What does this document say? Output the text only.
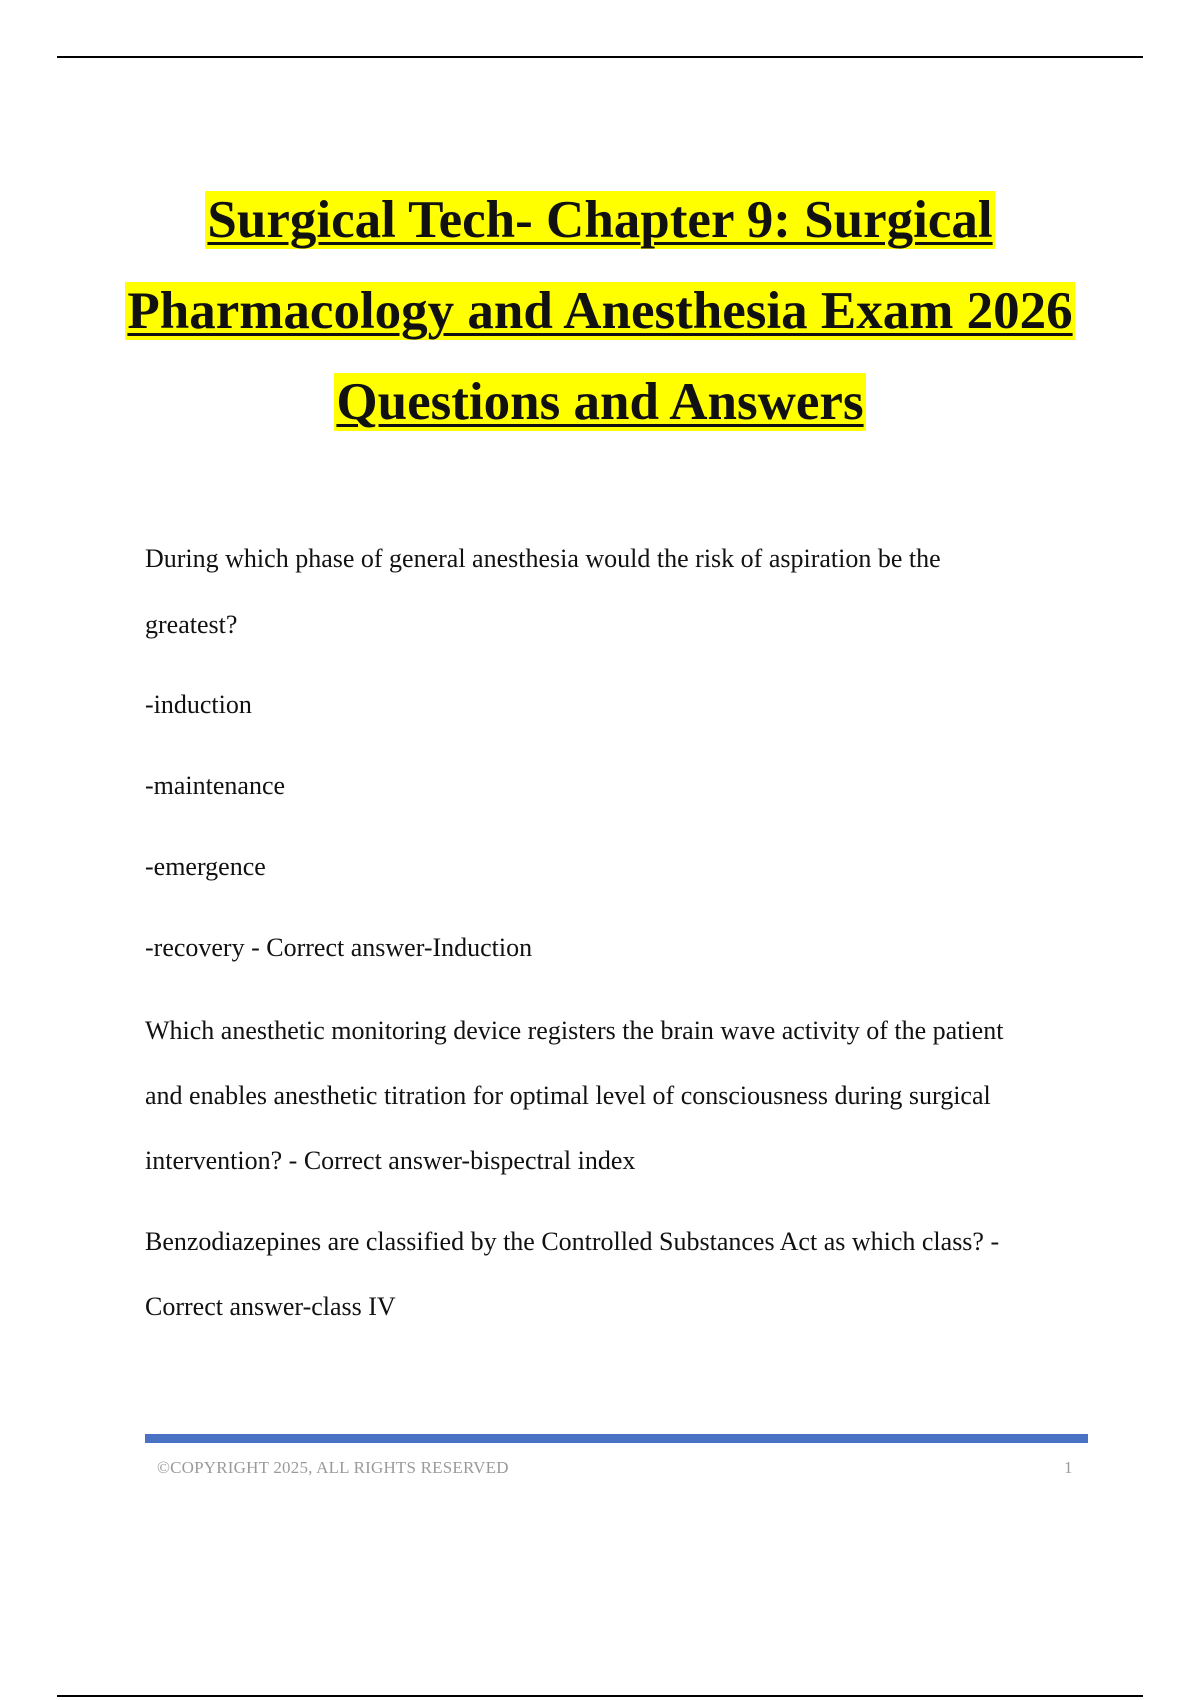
Surgical Tech- Chapter 9: Surgical
Pharmacology and Anesthesia Exam 2026
Questions and Answers
During which phase of general anesthesia would the risk of aspiration be the
greatest?
-induction
-maintenance
-emergence
-recovery - Correct answer-Induction
Which anesthetic monitoring device registers the brain wave activity of the patient
and enables anesthetic titration for optimal level of consciousness during surgical
intervention? - Correct answer-bispectral index
Benzodiazepines are classified by the Controlled Substances Act as which class? -
Correct answer-class IV
©COPYRIGHT 2025, ALL RIGHTS RESERVED	1
